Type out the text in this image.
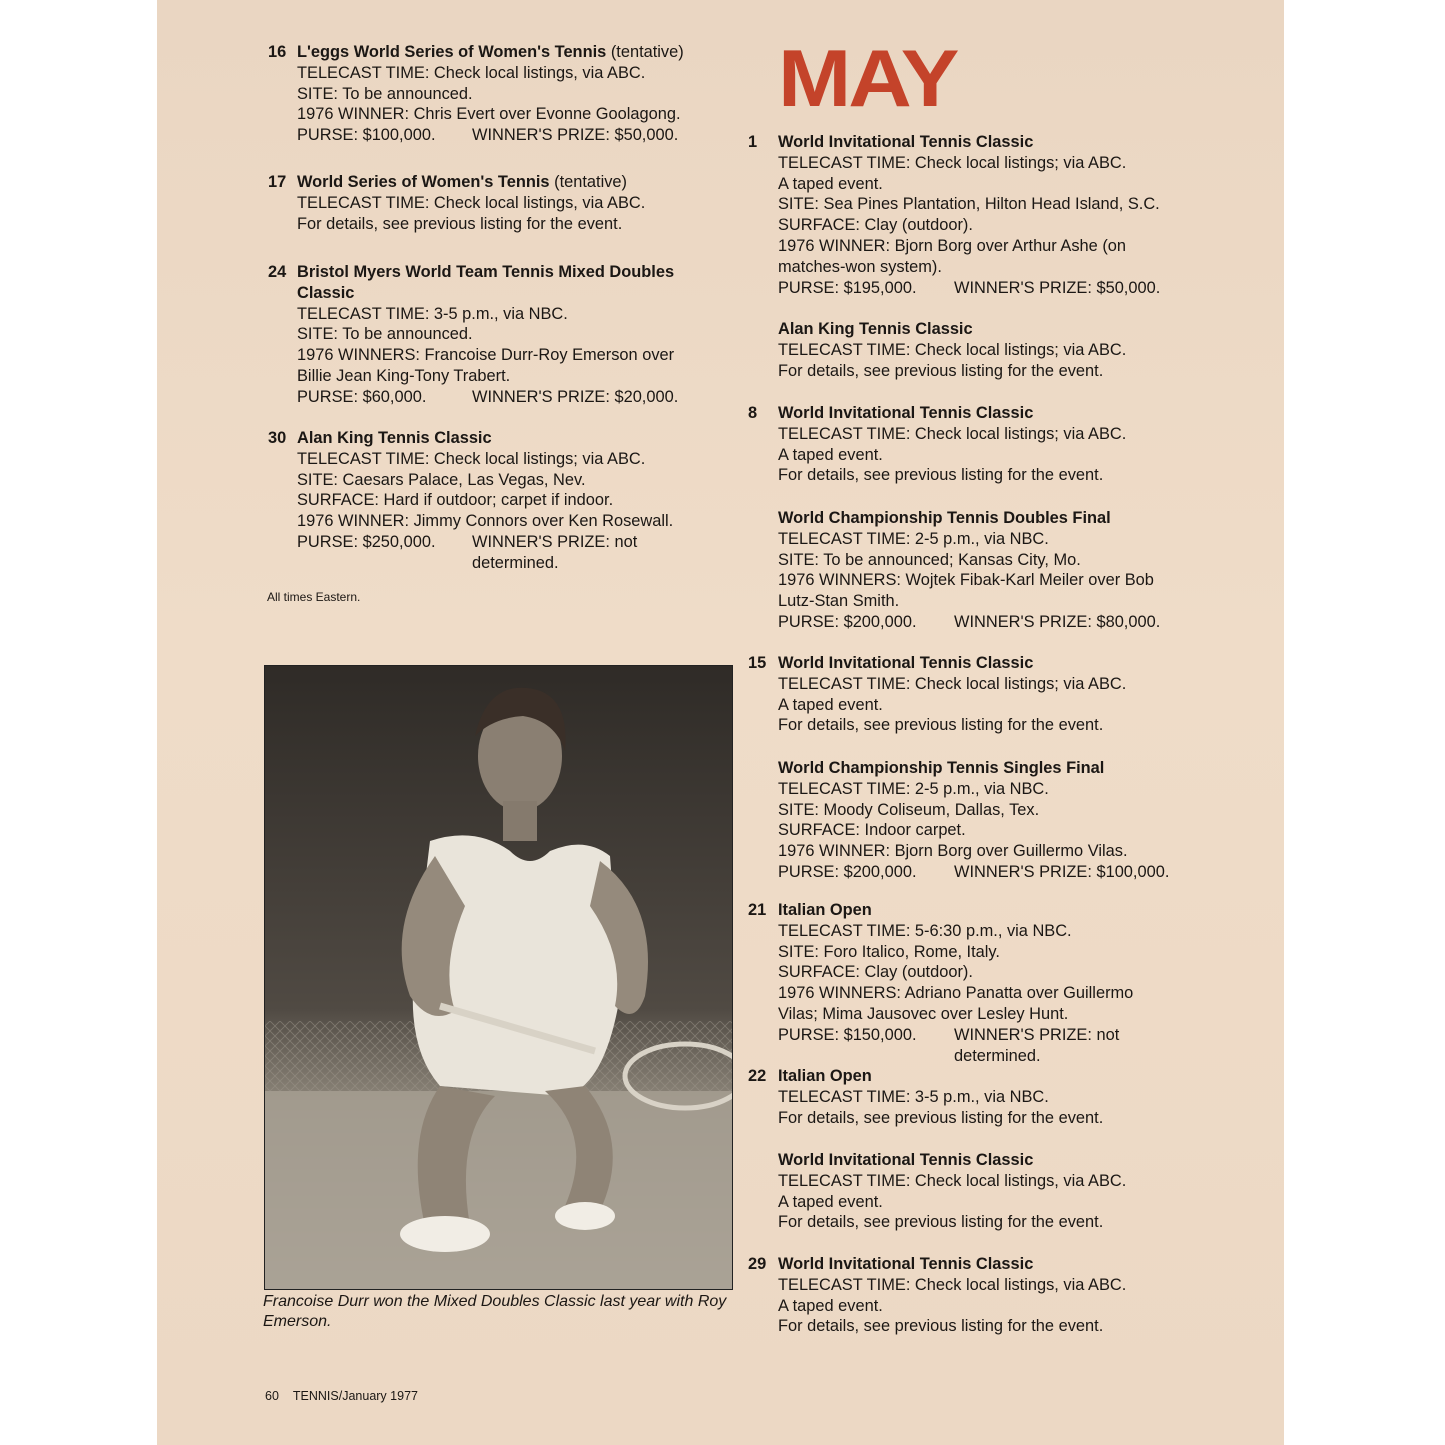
MAY
16 L'eggs World Series of Women's Tennis (tentative)
TELECAST TIME: Check local listings, via ABC.
SITE: To be announced.
1976 WINNER: Chris Evert over Evonne Goolagong.
PURSE: $100,000. WINNER'S PRIZE: $50,000.
17 World Series of Women's Tennis (tentative)
TELECAST TIME: Check local listings, via ABC.
For details, see previous listing for the event.
24 Bristol Myers World Team Tennis Mixed Doubles
Classic
TELECAST TIME: 3-5 p.m., via NBC.
SITE: To be announced.
1976 WINNERS: Francoise Durr-Roy Emerson over
Billie Jean King-Tony Trabert.
PURSE: $60,000.	WINNER'S PRIZE: $20,000.
30 Alan King Tennis Classic
TELECAST TIME: Check local listings; via ABC.
SITE: Caesars Palace, Las Vegas, Nev.
SURFACE: Hard if outdoor; carpet if indoor.
1976 WINNER: Jimmy Connors over Ken Rosewall.
PURSE: $250,000. WINNER'S PRIZE: not
determined.
1	World Invitational Tennis Classic
TELECAST TIME: Check local listings; via ABC.
A taped event.
SITE: Sea Pines Plantation, Hilton Head Island, S.C.
SURFACE: Clay (outdoor).
1976 WINNER: Bjorn Borg over Arthur Ashe (on
matches-won system).
PURSE: $195,000. WINNER'S PRIZE: $50,000.
Alan King Tennis Classic
TELECAST TIME: Check local listings; via ABC.
For details, see previous listing for the event.
8	World Invitational Tennis Classic
TELECAST TIME: Check local listings; via ABC.
A taped event.
For details, see previous listing for the event.
World Championship Tennis Doubles Final
TELECAST TIME: 2-5 p.m., via NBC.
SITE: To be announced; Kansas City, Mo.
1976 WINNERS: Wojtek Fibak-Karl Meiler over Bob
Lutz-Stan Smith.
PURSE: $200,000. WINNER'S PRIZE: $80,000.
15 World Invitational Tennis Classic
TELECAST TIME: Check local listings; via ABC.
A taped event.
For details, see previous listing for the event.
World Championship Tennis Singles Final
TELECAST TIME: 2-5 p.m., via NBC.
SITE: Moody Coliseum, Dallas, Tex.
SURFACE: Indoor carpet.
1976 WINNER: Bjorn Borg over Guillermo Vilas.
PURSE: $200,000. WINNER'S PRIZE: $100,000.
21 Italian Open
TELECAST TIME: 5-6:30 p.m., via NBC.
SITE: Foro Italico, Rome, Italy.
SURFACE: Clay (outdoor).
1976 WINNERS: Adriano Panatta over Guillermo
Vilas; Mima Jausovec over Lesley Hunt.
PURSE: $150,000. WINNER'S PRIZE: not
determined.
22 Italian Open
TELECAST TIME: 3-5 p.m., via NBC.
For details, see previous listing for the event.
World Invitational Tennis Classic
TELECAST TIME: Check local listings, via ABC.
A taped event.
For details, see previous listing for the event.
29 World Invitational Tennis Classic
TELECAST TIME: Check local listings, via ABC.
A taped event.
For details, see previous listing for the event.
All times Eastern.
Francoise Durr won the Mixed Doubles Classic last year with Roy Emerson.
60 TENNIS/January 1977
